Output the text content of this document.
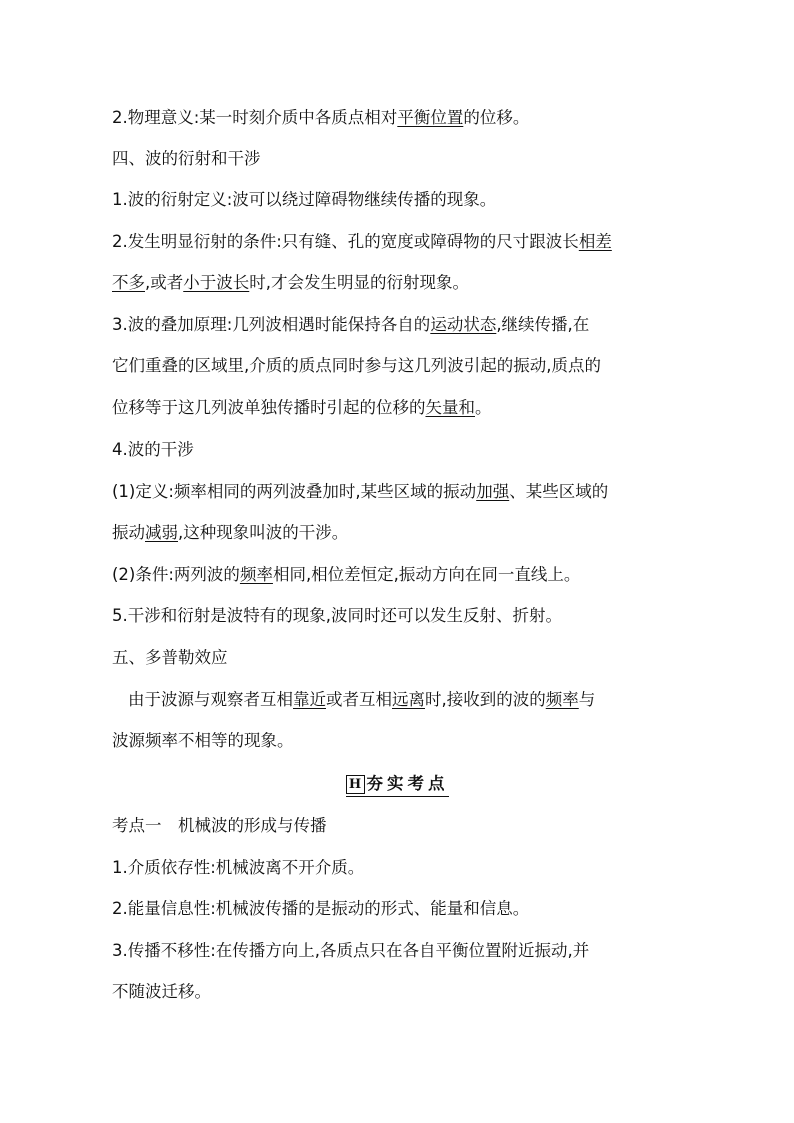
2.物理意义:某一时刻介质中各质点相对平衡位置的位移。
四、波的衍射和干涉
1.波的衍射定义:波可以绕过障碍物继续传播的现象。
2.发生明显衍射的条件:只有缝、孔的宽度或障碍物的尺寸跟波长相差
不多,或者小于波长时,才会发生明显的衍射现象。
3.波的叠加原理:几列波相遇时能保持各自的运动状态,继续传播,在
它们重叠的区域里,介质的质点同时参与这几列波引起的振动,质点的
位移等于这几列波单独传播时引起的位移的矢量和。
4.波的干涉
(1)定义:频率相同的两列波叠加时,某些区域的振动加强、某些区域的
振动减弱,这种现象叫波的干涉。
(2)条件:两列波的频率相同,相位差恒定,振动方向在同一直线上。
5.干涉和衍射是波特有的现象,波同时还可以发生反射、折射。
五、多普勒效应
由于波源与观察者互相靠近或者互相远离时,接收到的波的频率与
波源频率不相等的现象。
H 夯实考点
考点一　机械波的形成与传播
1.介质依存性:机械波离不开介质。
2.能量信息性:机械波传播的是振动的形式、能量和信息。
3.传播不移性:在传播方向上,各质点只在各自平衡位置附近振动,并
不随波迁移。
